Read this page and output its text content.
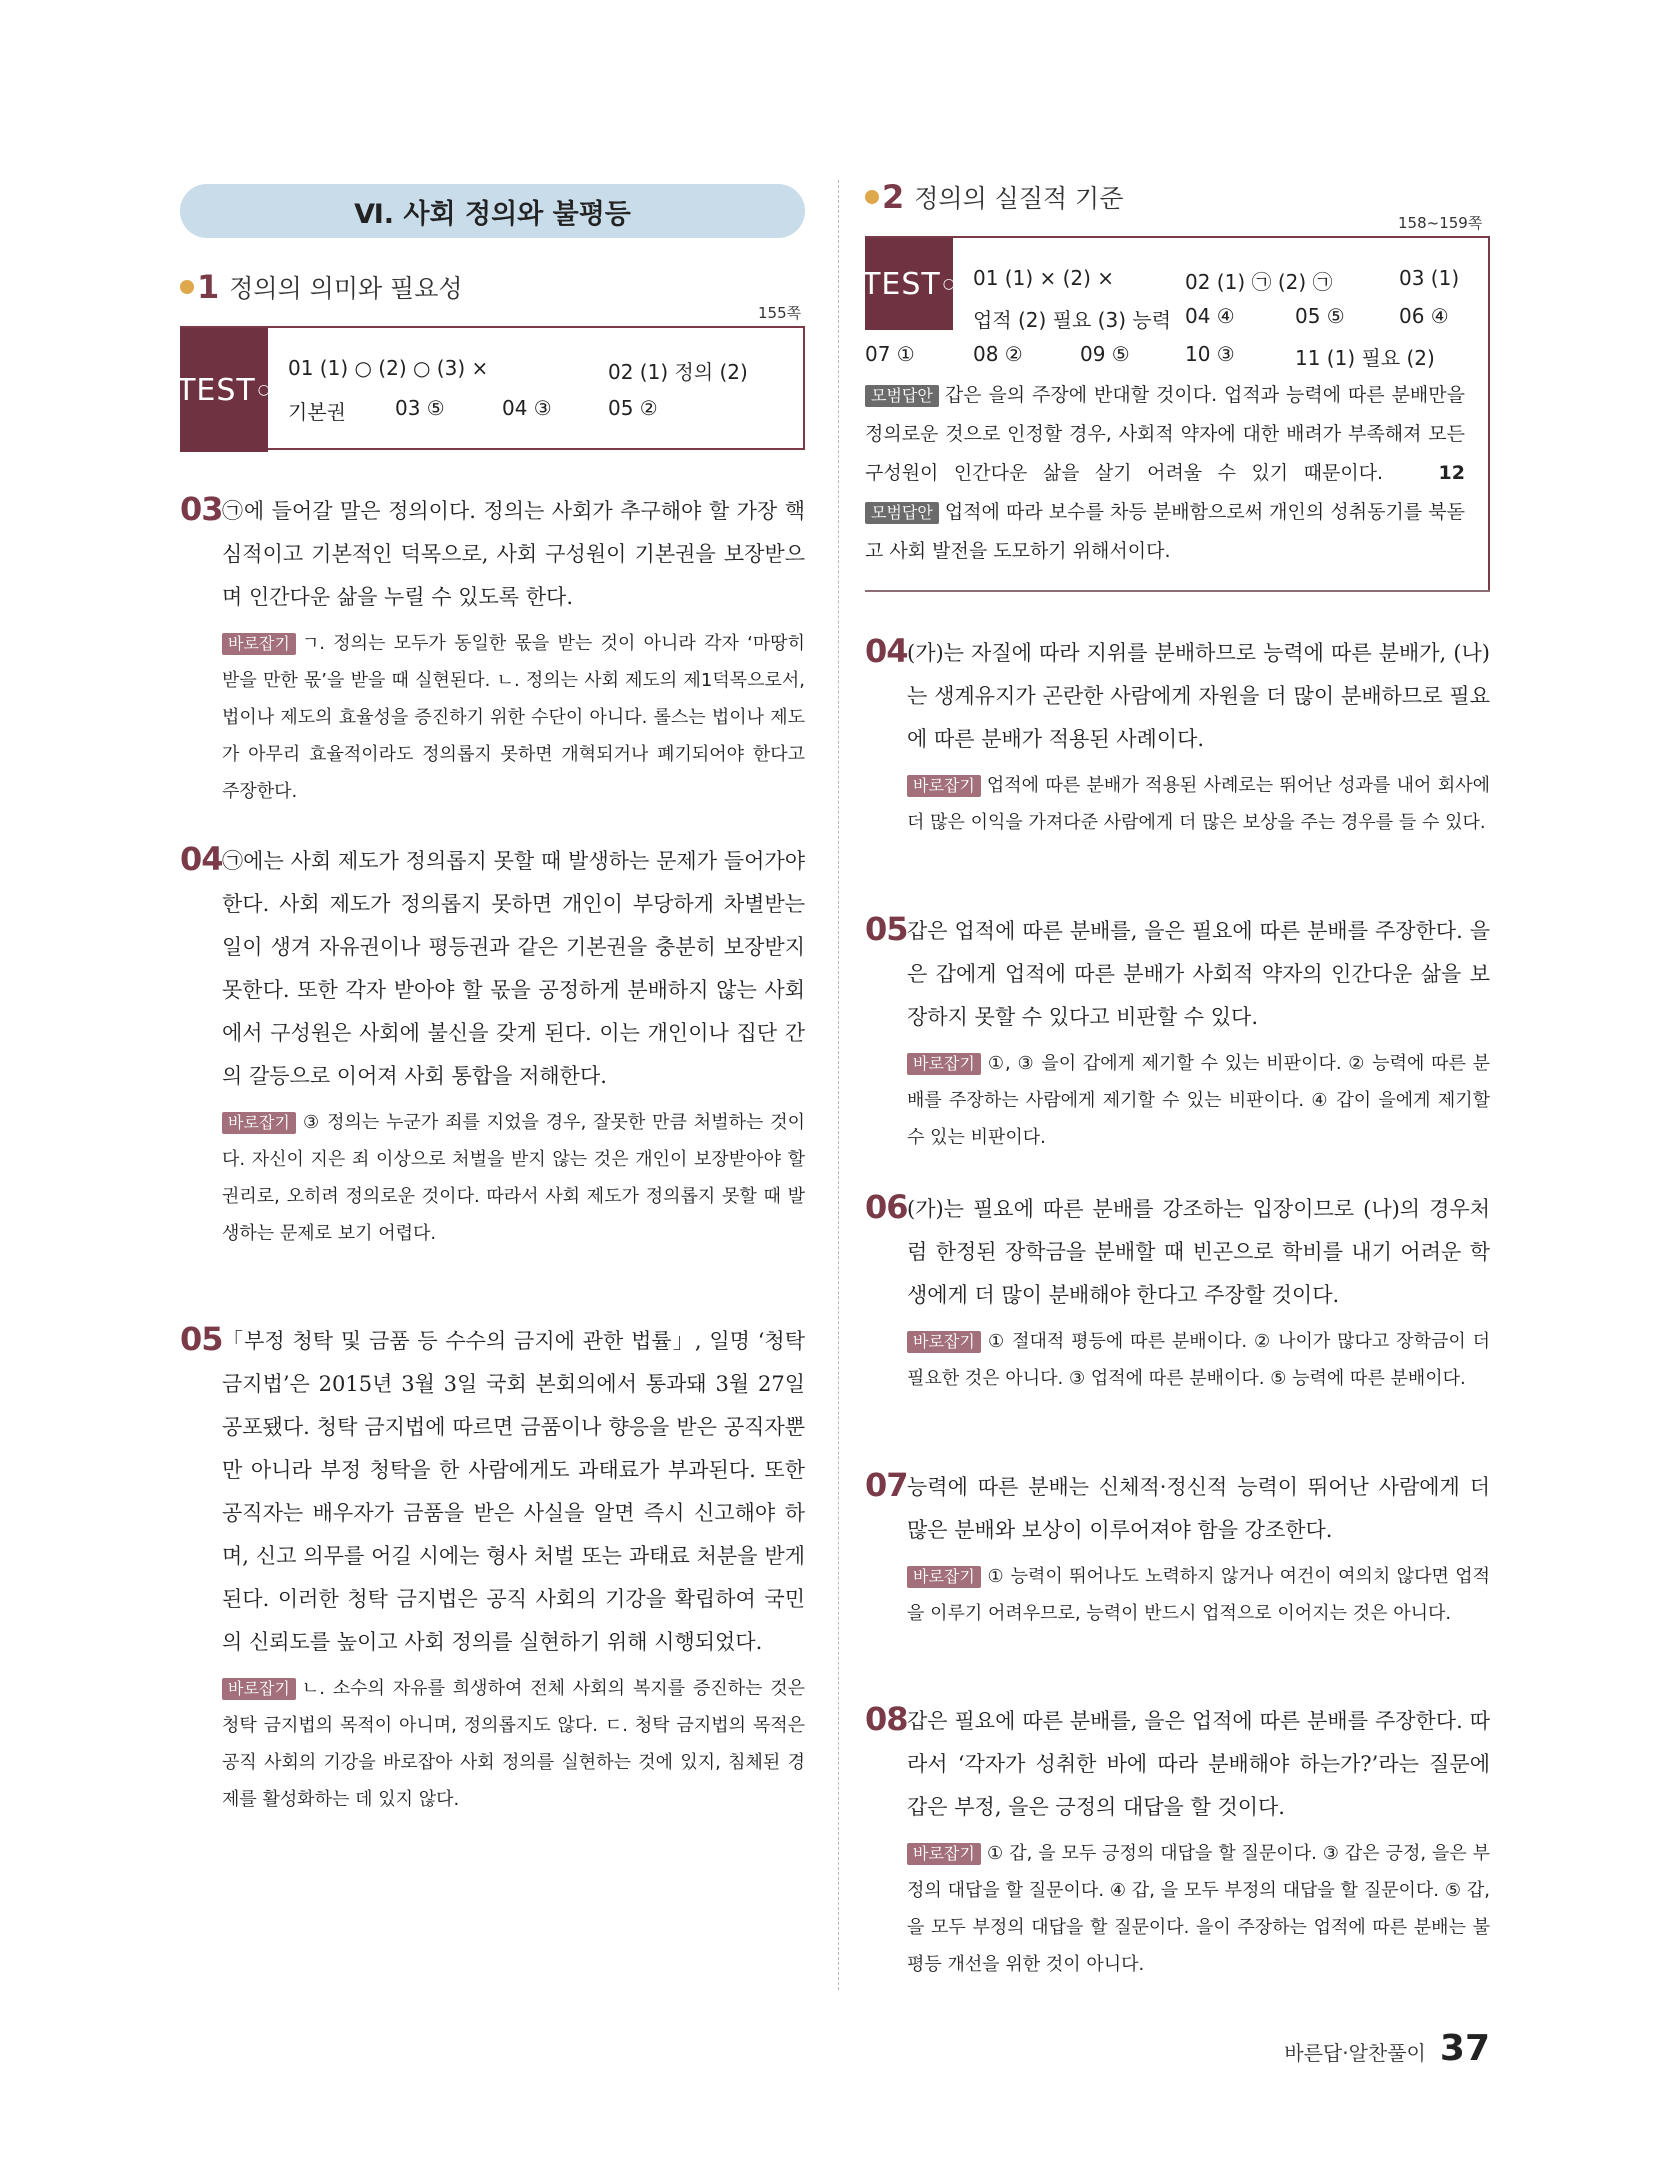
Ⅵ. 사회 정의와 불평등
1 정의의 의미와 필요성
155쪽
TEST ○
01 (1) ○ (2) ○ (3) ×	02 (1) 정의 (2)
기본권 03 ⑤	04 ③	05 ②
03 ㉠에 들어갈 말은 정의이다. 정의는 사회가 추구해야 할 가장 핵심적이고 기본적인 덕목으로, 사회 구성원이 기본권을 보장받으며 인간다운 삶을 누릴 수 있도록 한다.
바로잡기 ㄱ. 정의는 모두가 동일한 몫을 받는 것이 아니라 각자 ‘마땅히 받을 만한 몫’을 받을 때 실현된다. ㄴ. 정의는 사회 제도의 제1덕목으로서, 법이나 제도의 효율성을 증진하기 위한 수단이 아니다. 롤스는 법이나 제도가 아무리 효율적이라도 정의롭지 못하면 개혁되거나 폐기되어야 한다고 주장한다.
04 ㉠에는 사회 제도가 정의롭지 못할 때 발생하는 문제가 들어가야 한다. 사회 제도가 정의롭지 못하면 개인이 부당하게 차별받는 일이 생겨 자유권이나 평등권과 같은 기본권을 충분히 보장받지 못한다. 또한 각자 받아야 할 몫을 공정하게 분배하지 않는 사회에서 구성원은 사회에 불신을 갖게 된다. 이는 개인이나 집단 간의 갈등으로 이어져 사회 통합을 저해한다.
바로잡기 ③ 정의는 누군가 죄를 지었을 경우, 잘못한 만큼 처벌하는 것이다. 자신이 지은 죄 이상으로 처벌을 받지 않는 것은 개인이 보장받아야 할 권리로, 오히려 정의로운 것이다. 따라서 사회 제도가 정의롭지 못할 때 발생하는 문제로 보기 어렵다.
05 「부정 청탁 및 금품 등 수수의 금지에 관한 법률」, 일명 ‘청탁 금지법’은 2015년 3월 3일 국회 본회의에서 통과돼 3월 27일 공포됐다. 청탁 금지법에 따르면 금품이나 향응을 받은 공직자뿐만 아니라 부정 청탁을 한 사람에게도 과태료가 부과된다. 또한 공직자는 배우자가 금품을 받은 사실을 알면 즉시 신고해야 하며, 신고 의무를 어길 시에는 형사 처벌 또는 과태료 처분을 받게 된다. 이러한 청탁 금지법은 공직 사회의 기강을 확립하여 국민의 신뢰도를 높이고 사회 정의를 실현하기 위해 시행되었다.
바로잡기 ㄴ. 소수의 자유를 희생하여 전체 사회의 복지를 증진하는 것은 청탁 금지법의 목적이 아니며, 정의롭지도 않다. ㄷ. 청탁 금지법의 목적은 공직 사회의 기강을 바로잡아 사회 정의를 실현하는 것에 있지, 침체된 경제를 활성화하는 데 있지 않다.
2 정의의 실질적 기준
158~159쪽
TEST ○ 01 (1) × (2) ×	02 (1) ㉠ (2) ㉠	03 (1)
업적 (2) 필요 (3) 능력 04 ④	05 ⑤	06 ④
07 ①	08 ②	09 ⑤	10 ③	11 (1) 필요 (2)
모범답안 갑은 을의 주장에 반대할 것이다. 업적과 능력에 따른 분배만을 정의로운 것으로 인정할 경우, 사회적 약자에 대한 배려가 부족해져 모든 구성원이 인간다운 삶을 살기 어려울 수 있기 때문이다.	12 모범답안 업적에 따라 보수를 차등 분배함으로써 개인의 성취동기를 북돋고 사회 발전을 도모하기 위해서이다.
04 (가)는 자질에 따라 지위를 분배하므로 능력에 따른 분배가, (나)는 생계유지가 곤란한 사람에게 자원을 더 많이 분배하므로 필요에 따른 분배가 적용된 사례이다.
바로잡기 업적에 따른 분배가 적용된 사례로는 뛰어난 성과를 내어 회사에 더 많은 이익을 가져다준 사람에게 더 많은 보상을 주는 경우를 들 수 있다.
05 갑은 업적에 따른 분배를, 을은 필요에 따른 분배를 주장한다. 을은 갑에게 업적에 따른 분배가 사회적 약자의 인간다운 삶을 보장하지 못할 수 있다고 비판할 수 있다.
바로잡기 ①, ③ 을이 갑에게 제기할 수 있는 비판이다. ② 능력에 따른 분배를 주장하는 사람에게 제기할 수 있는 비판이다. ④ 갑이 을에게 제기할 수 있는 비판이다.
06 (가)는 필요에 따른 분배를 강조하는 입장이므로 (나)의 경우처럼 한정된 장학금을 분배할 때 빈곤으로 학비를 내기 어려운 학생에게 더 많이 분배해야 한다고 주장할 것이다.
바로잡기 ① 절대적 평등에 따른 분배이다. ② 나이가 많다고 장학금이 더 필요한 것은 아니다. ③ 업적에 따른 분배이다. ⑤ 능력에 따른 분배이다.
07 능력에 따른 분배는 신체적·정신적 능력이 뛰어난 사람에게 더 많은 분배와 보상이 이루어져야 함을 강조한다.
바로잡기 ① 능력이 뛰어나도 노력하지 않거나 여건이 여의치 않다면 업적을 이루기 어려우므로, 능력이 반드시 업적으로 이어지는 것은 아니다.
08 갑은 필요에 따른 분배를, 을은 업적에 따른 분배를 주장한다. 따라서 ‘각자가 성취한 바에 따라 분배해야 하는가?’라는 질문에 갑은 부정, 을은 긍정의 대답을 할 것이다.
바로잡기 ① 갑, 을 모두 긍정의 대답을 할 질문이다. ③ 갑은 긍정, 을은 부정의 대답을 할 질문이다. ④ 갑, 을 모두 부정의 대답을 할 질문이다. ⑤ 갑, 을 모두 부정의 대답을 할 질문이다. 을이 주장하는 업적에 따른 분배는 불평등 개선을 위한 것이 아니다.
바른답·알찬풀이 37
